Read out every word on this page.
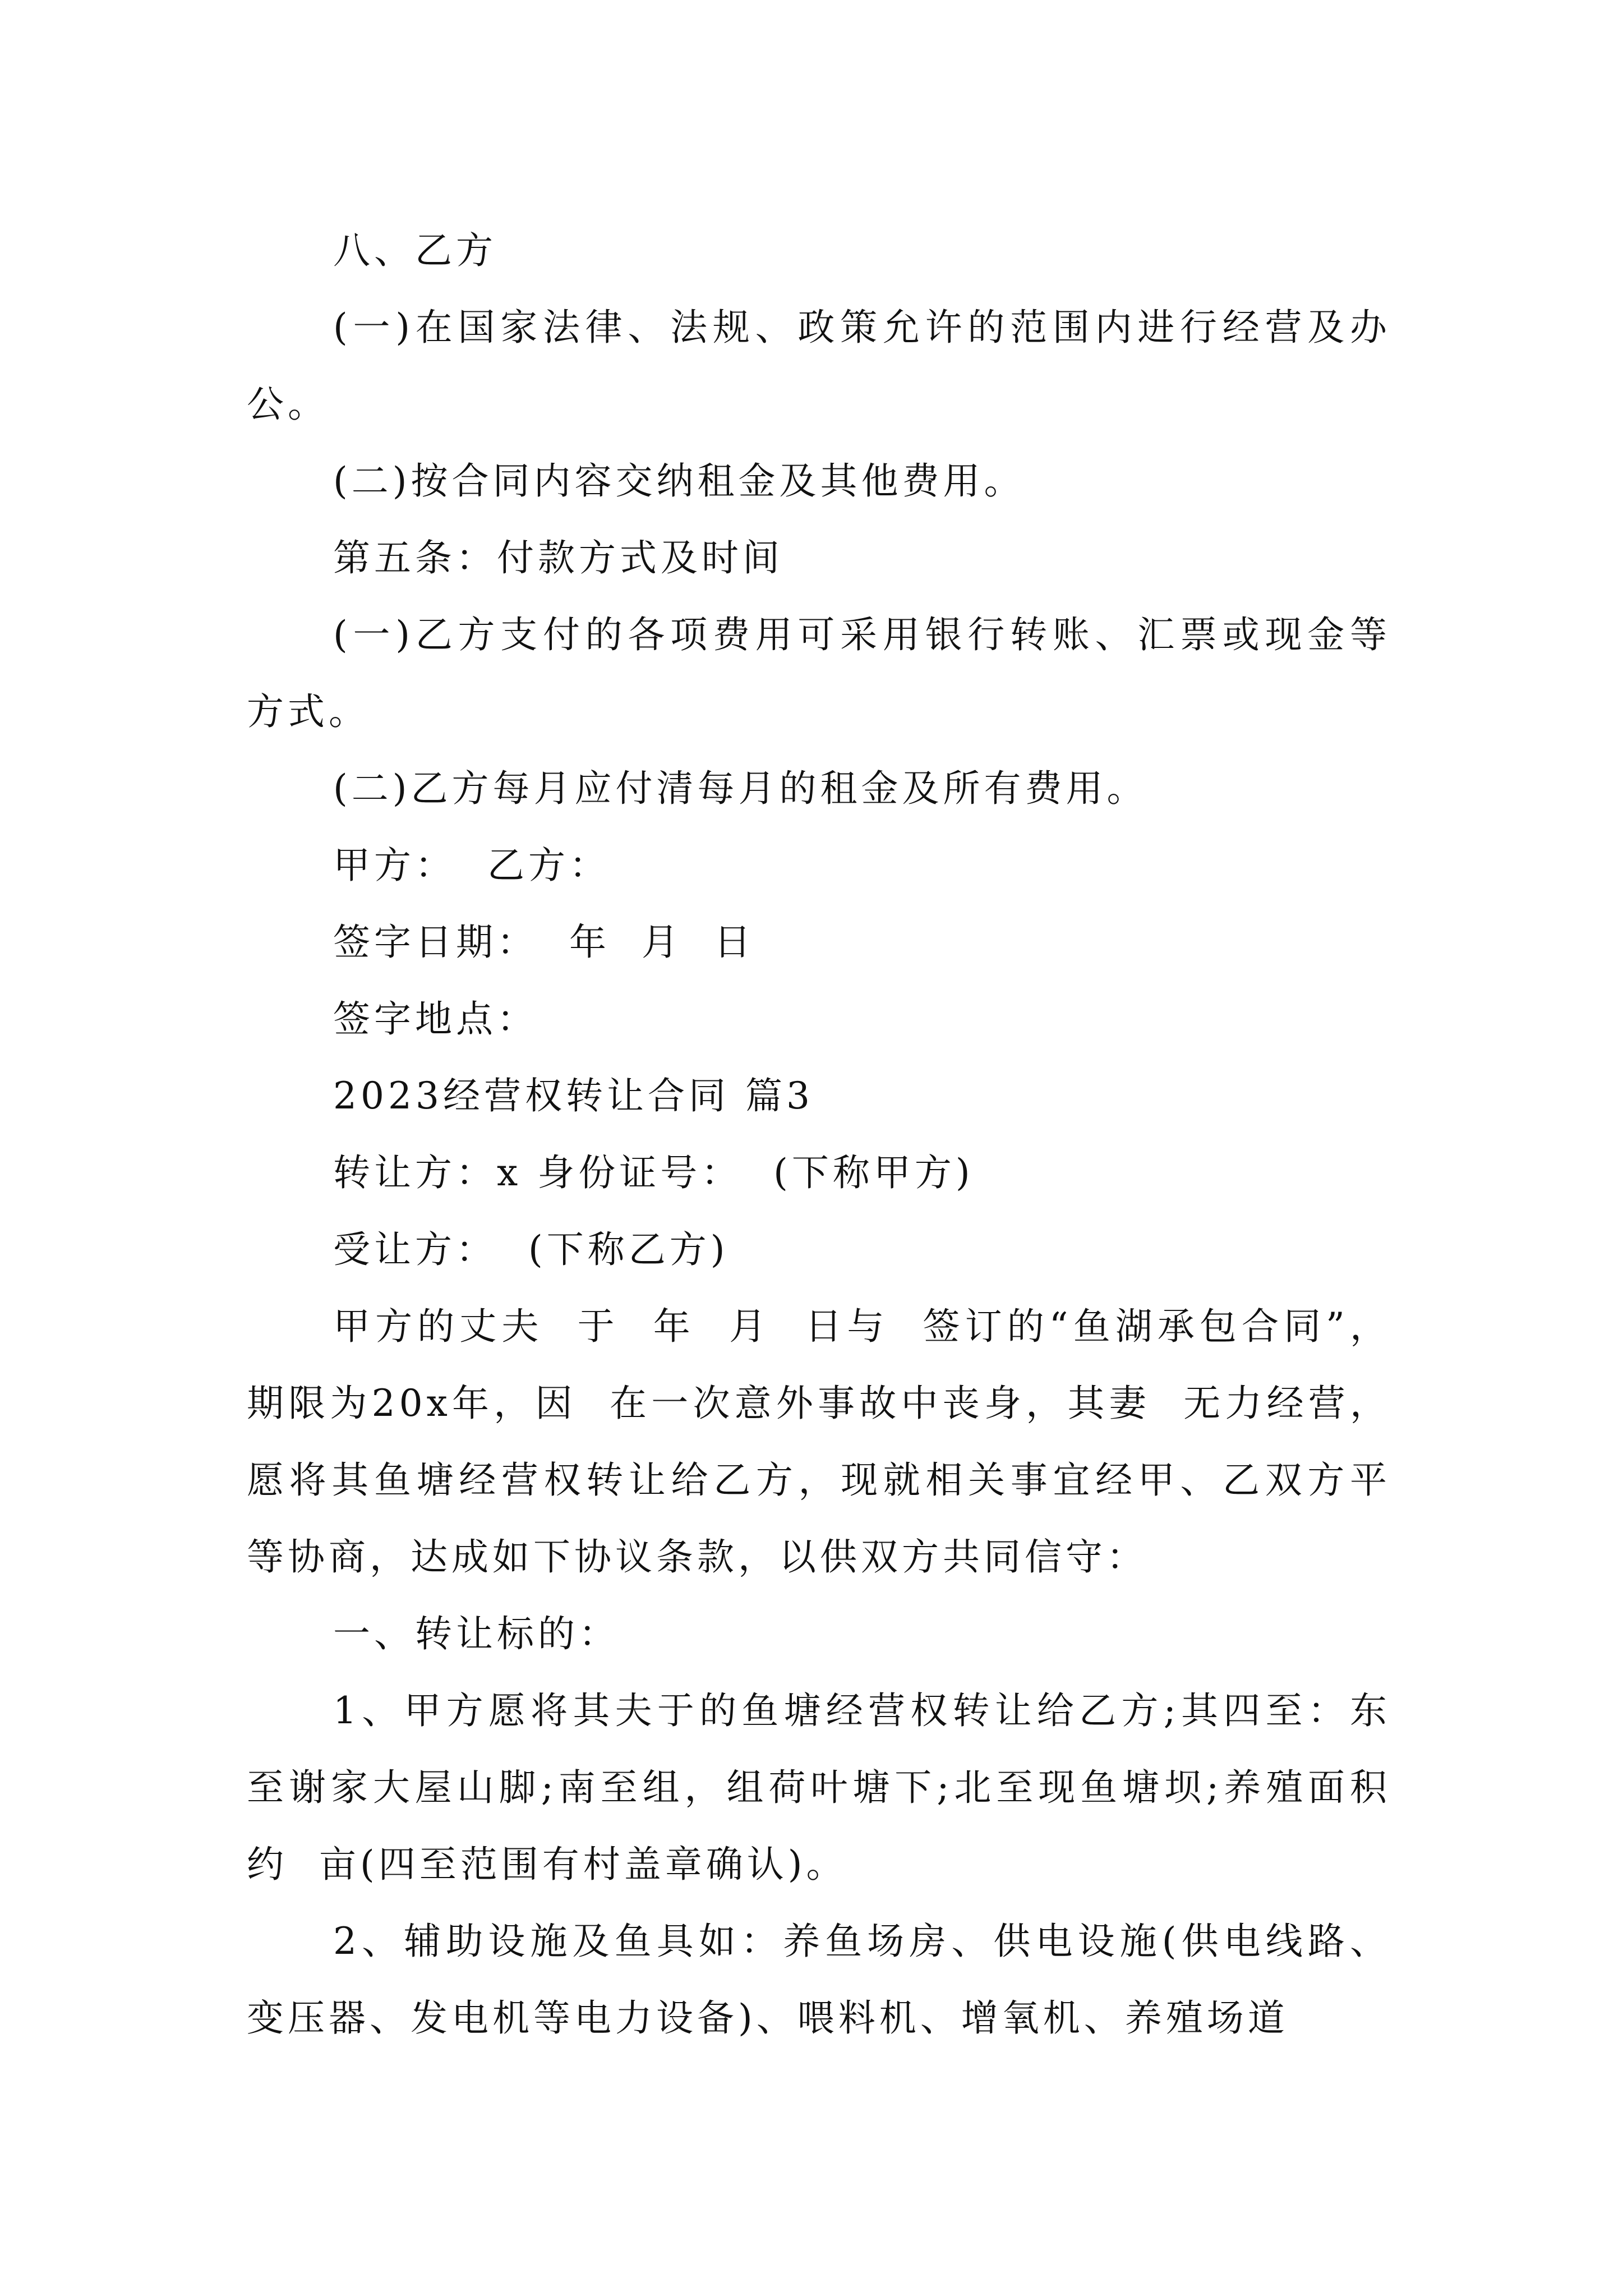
八、乙方

(一)在国家法律、法规、政策允许的范围内进行经营及办公。

(二)按合同内容交纳租金及其他费用。

第五条：付款方式及时间

(一)乙方支付的各项费用可采用银行转账、汇票或现金等方式。

(二)乙方每月应付清每月的租金及所有费用。

甲方：  乙方：

签字日期：  年  月  日

签字地点：

2023经营权转让合同 篇3

转让方：x 身份证号：  (下称甲方)

受让方：  (下称乙方)

甲方的丈夫  于  年  月  日与  签订的“鱼湖承包合同”，期限为20x年，因  在一次意外事故中丧身，其妻  无力经营，愿将其鱼塘经营权转让给乙方，现就相关事宜经甲、乙双方平等协商，达成如下协议条款，以供双方共同信守：

一、转让标的：

1、甲方愿将其夫于的鱼塘经营权转让给乙方;其四至：东至谢家大屋山脚;南至组，组荷叶塘下;北至现鱼塘坝;养殖面积约  亩(四至范围有村盖章确认)。

2、辅助设施及鱼具如：养鱼场房、供电设施(供电线路、变压器、发电机等电力设备)、喂料机、增氧机、养殖场道
